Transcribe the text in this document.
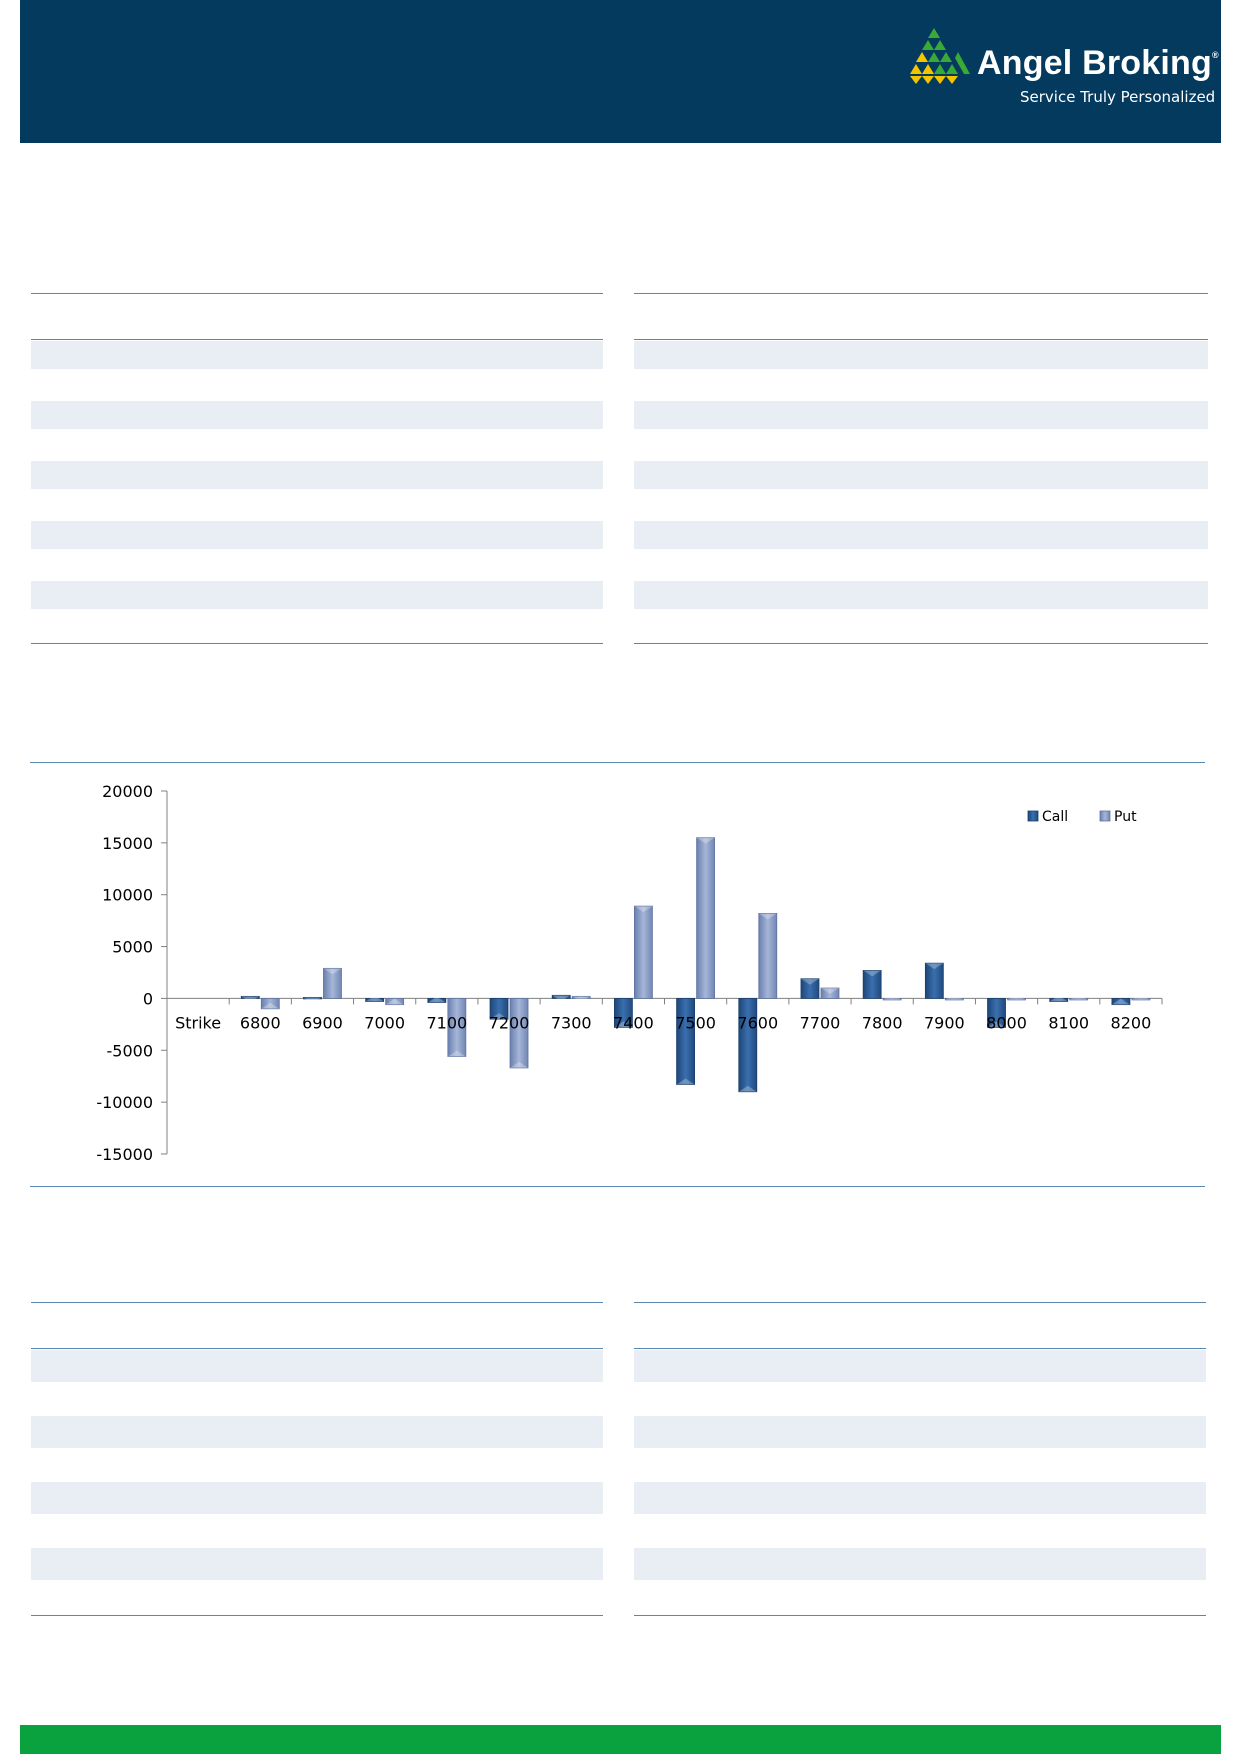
Angel Broking®
Service Truly Personalized
20000
15000
10000
5000
0
-5000
-10000
-15000
Strike 6800 6900 7000 7100 7200 7300 7400 7500 7600 7700 7800 7900 8000 8100 8200
Call	Put
